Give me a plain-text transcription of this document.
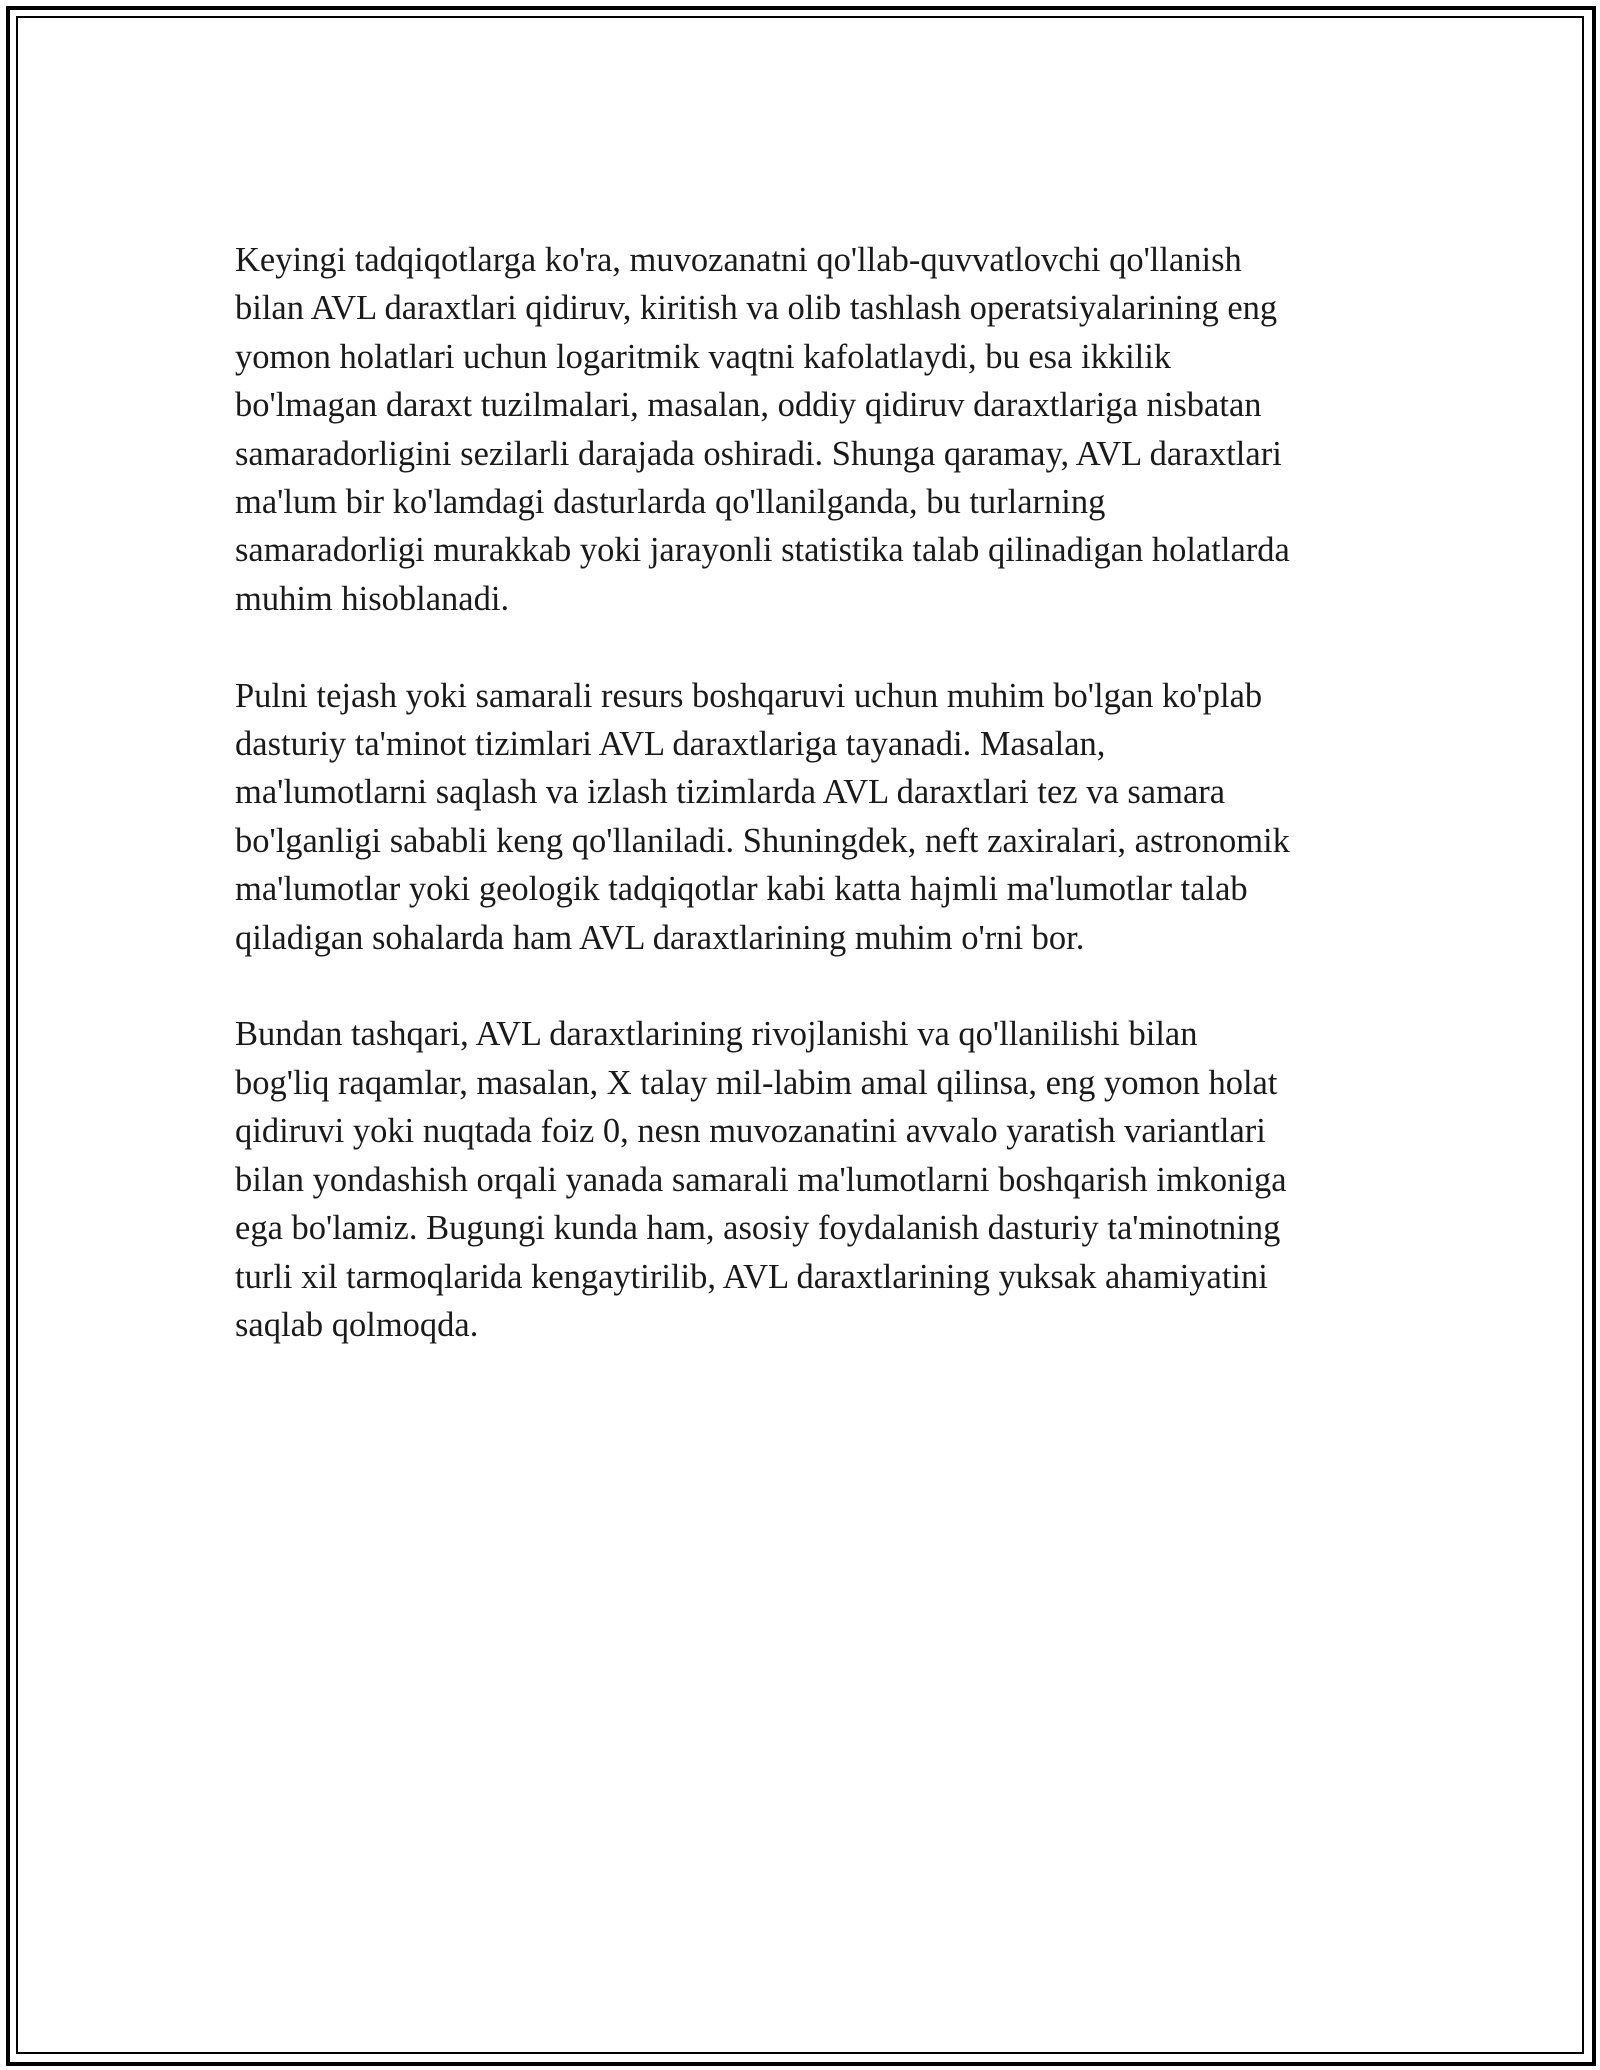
Keyingi tadqiqotlarga ko'ra, muvozanatni qo'llab-quvvatlovchi qo'llanish
bilan AVL daraxtlari qidiruv, kiritish va olib tashlash operatsiyalarining eng
yomon holatlari uchun logaritmik vaqtni kafolatlaydi, bu esa ikkilik
bo'lmagan daraxt tuzilmalari, masalan, oddiy qidiruv daraxtlariga nisbatan
samaradorligini sezilarli darajada oshiradi. Shunga qaramay, AVL daraxtlari
ma'lum bir ko'lamdagi dasturlarda qo'llanilganda, bu turlarning
samaradorligi murakkab yoki jarayonli statistika talab qilinadigan holatlarda
muhim hisoblanadi.

Pulni tejash yoki samarali resurs boshqaruvi uchun muhim bo'lgan ko'plab
dasturiy ta'minot tizimlari AVL daraxtlariga tayanadi. Masalan,
ma'lumotlarni saqlash va izlash tizimlarda AVL daraxtlari tez va samara
bo'lganligi sababli keng qo'llaniladi. Shuningdek, neft zaxiralari, astronomik
ma'lumotlar yoki geologik tadqiqotlar kabi katta hajmli ma'lumotlar talab
qiladigan sohalarda ham AVL daraxtlarining muhim o'rni bor.

Bundan tashqari, AVL daraxtlarining rivojlanishi va qo'llanilishi bilan
bog'liq raqamlar, masalan, X talay mil-labim amal qilinsa, eng yomon holat
qidiruvi yoki nuqtada foiz 0, nesn muvozanatini avvalo yaratish variantlari
bilan yondashish orqali yanada samarali ma'lumotlarni boshqarish imkoniga
ega bo'lamiz. Bugungi kunda ham, asosiy foydalanish dasturiy ta'minotning
turli xil tarmoqlarida kengaytirilib, AVL daraxtlarining yuksak ahamiyatini
saqlab qolmoqda.
